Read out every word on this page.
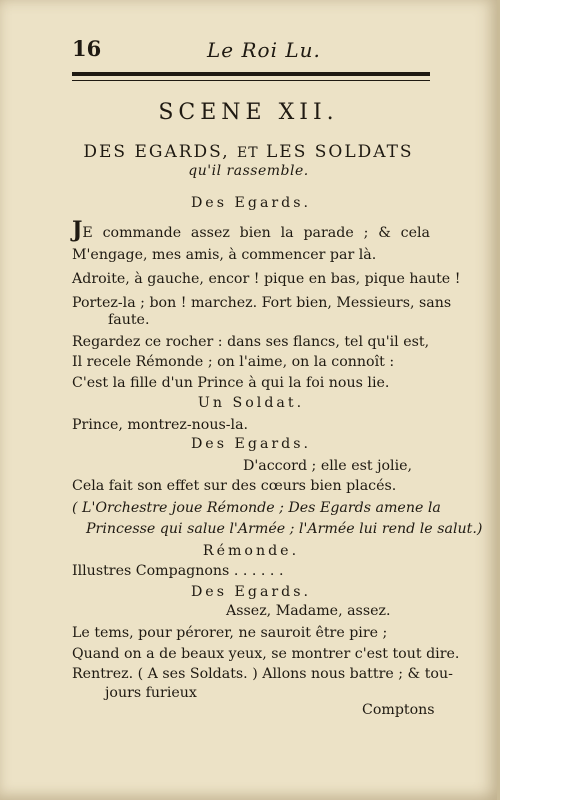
16	Le Roi Lu.
SCENE XII.
DES EGARDS, ET LES SOLDATS
qu'il rassemble.
Des Egards.
JE commande assez bien la parade ; & cela
M'engage, mes amis, à commencer par là.
Adroite, à gauche, encor ! pique en bas, pique haute !
Portez-la ; bon ! marchez. Fort bien, Messieurs, sans
faute.
Regardez ce rocher : dans ses flancs, tel qu'il est,
Il recele Rémonde ; on l'aime, on la connoît :
C'est la fille d'un Prince à qui la foi nous lie.
Un Soldat.
Prince, montrez-nous-la.
Des Egards.
D'accord ; elle est jolie,
Cela fait son effet sur des cœurs bien placés.
( L'Orchestre joue Rémonde ; Des Egards amene la
Princesse qui salue l'Armée ; l'Armée lui rend le salut.)
Rémonde.
Illustres Compagnons . . . . . .
Des Egards.
Assez, Madame, assez.
Le tems, pour pérorer, ne sauroit être pire ;
Quand on a de beaux yeux, se montrer c'est tout dire.
Rentrez. ( A ses Soldats. ) Allons nous battre ; & tou-
jours furieux
Comptons
